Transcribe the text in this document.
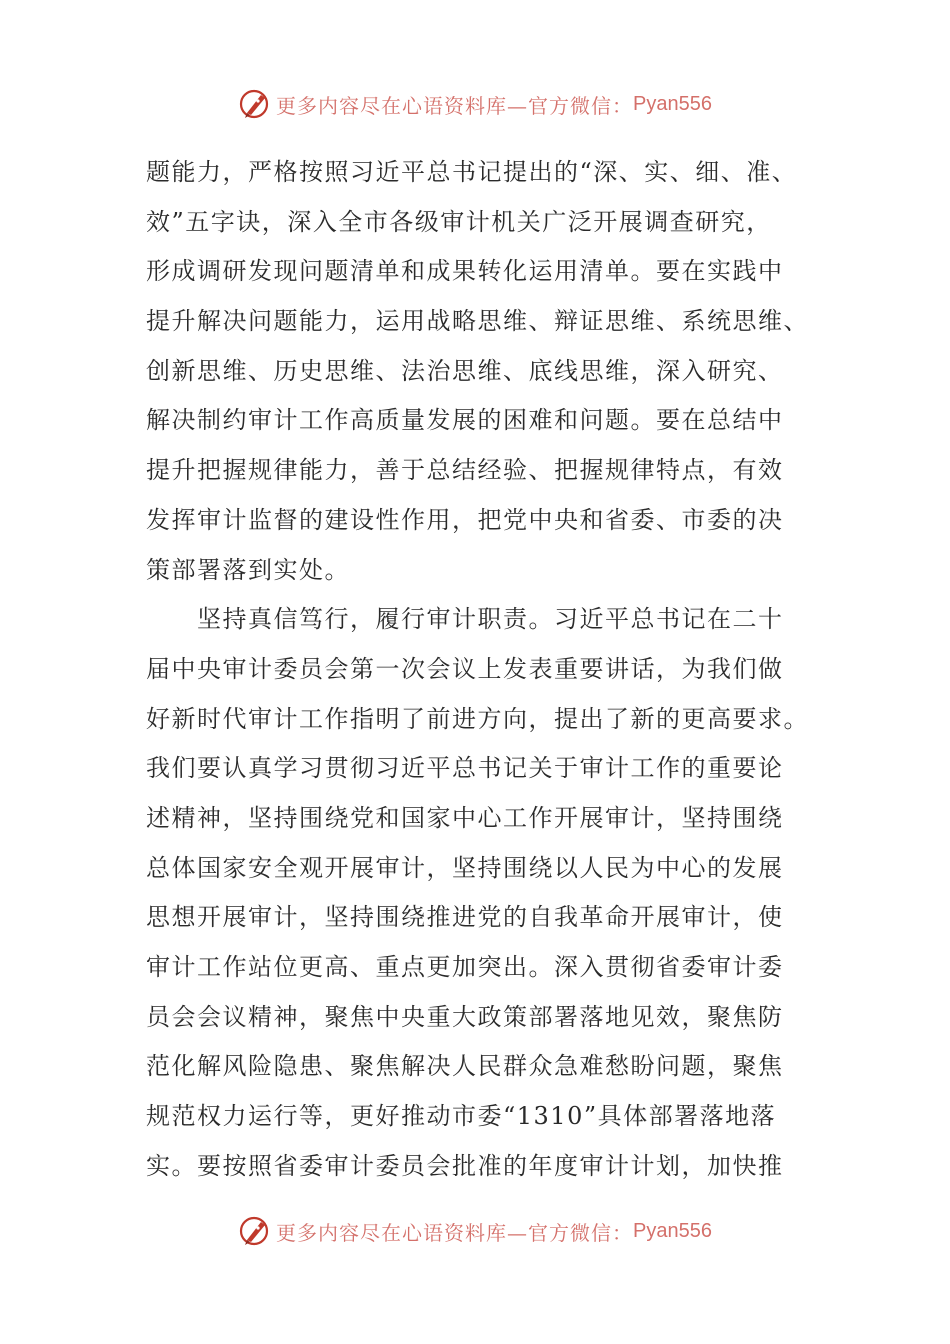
更多内容尽在心语资料库—官方微信： Pyan556
题能力，严格按照习近平总书记提出的“深、实、细、准、
效”五字诀，深入全市各级审计机关广泛开展调查研究，
形成调研发现问题清单和成果转化运用清单。要在实践中
提升解决问题能力，运用战略思维、辩证思维、系统思维、
创新思维、历史思维、法治思维、底线思维，深入研究、
解决制约审计工作高质量发展的困难和问题。要在总结中
提升把握规律能力，善于总结经验、把握规律特点，有效
发挥审计监督的建设性作用，把党中央和省委、市委的决
策部署落到实处。
　　坚持真信笃行，履行审计职责。习近平总书记在二十
届中央审计委员会第一次会议上发表重要讲话，为我们做
好新时代审计工作指明了前进方向，提出了新的更高要求。
我们要认真学习贯彻习近平总书记关于审计工作的重要论
述精神，坚持围绕党和国家中心工作开展审计，坚持围绕
总体国家安全观开展审计，坚持围绕以人民为中心的发展
思想开展审计，坚持围绕推进党的自我革命开展审计，使
审计工作站位更高、重点更加突出。深入贯彻省委审计委
员会会议精神，聚焦中央重大政策部署落地见效，聚焦防
范化解风险隐患、聚焦解决人民群众急难愁盼问题，聚焦
规范权力运行等，更好推动市委“1310”具体部署落地落
实。要按照省委审计委员会批准的年度审计计划，加快推
更多内容尽在心语资料库—官方微信： Pyan556
